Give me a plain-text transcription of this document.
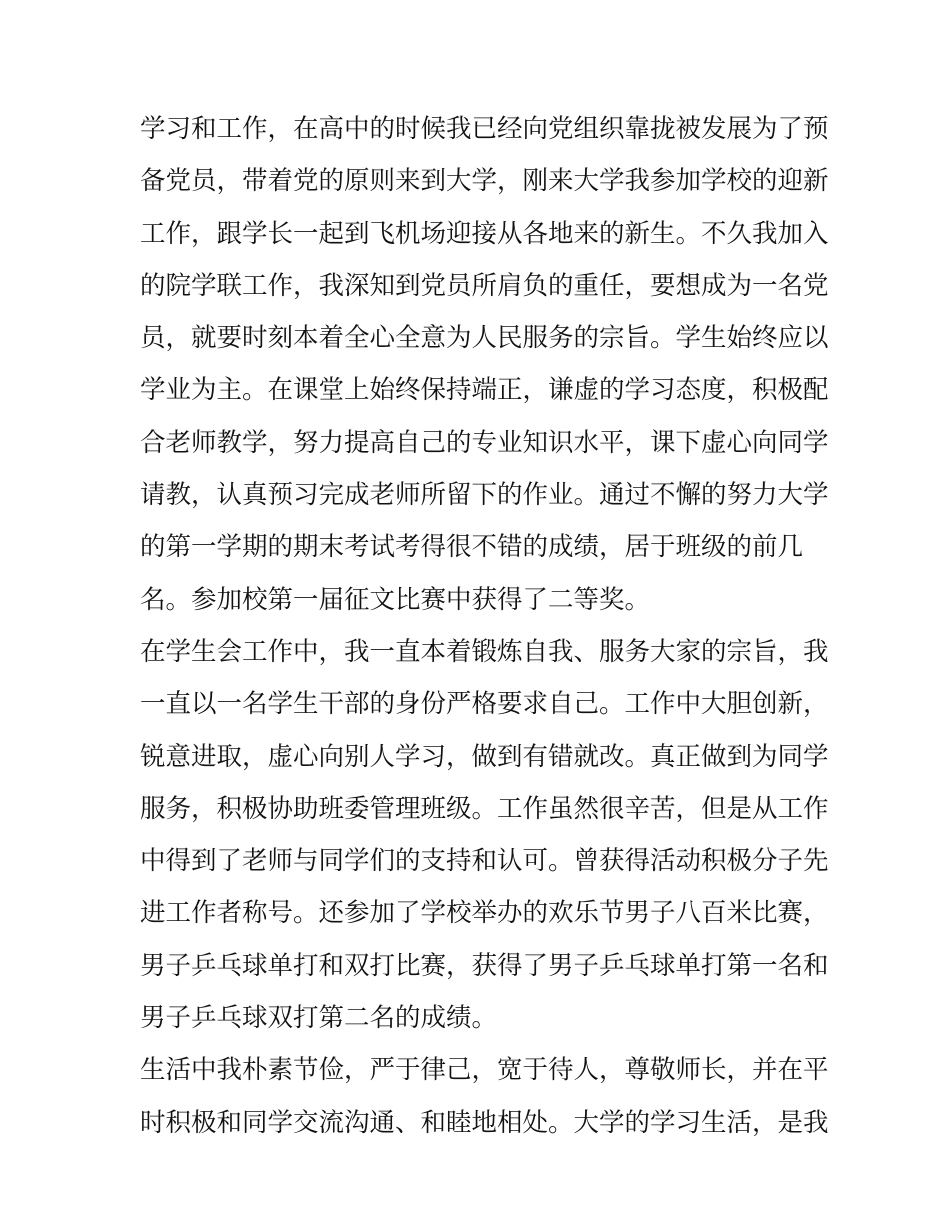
学习和工作，在高中的时候我已经向党组织靠拢被发展为了预
备党员，带着党的原则来到大学，刚来大学我参加学校的迎新
工作，跟学长一起到飞机场迎接从各地来的新生。不久我加入
的院学联工作，我深知到党员所肩负的重任，要想成为一名党
员，就要时刻本着全心全意为人民服务的宗旨。学生始终应以
学业为主。在课堂上始终保持端正，谦虚的学习态度，积极配
合老师教学，努力提高自己的专业知识水平，课下虚心向同学
请教，认真预习完成老师所留下的作业。通过不懈的努力大学
的第一学期的期末考试考得很不错的成绩，居于班级的前几
名。参加校第一届征文比赛中获得了二等奖。
在学生会工作中，我一直本着锻炼自我、服务大家的宗旨，我
一直以一名学生干部的身份严格要求自己。工作中大胆创新，
锐意进取，虚心向别人学习，做到有错就改。真正做到为同学
服务，积极协助班委管理班级。工作虽然很辛苦，但是从工作
中得到了老师与同学们的支持和认可。曾获得活动积极分子先
进工作者称号。还参加了学校举办的欢乐节男子八百米比赛，
男子乒乓球单打和双打比赛，获得了男子乒乓球单打第一名和
男子乒乓球双打第二名的成绩。
生活中我朴素节俭，严于律己，宽于待人，尊敬师长，并在平
时积极和同学交流沟通、和睦地相处。大学的学习生活，是我
